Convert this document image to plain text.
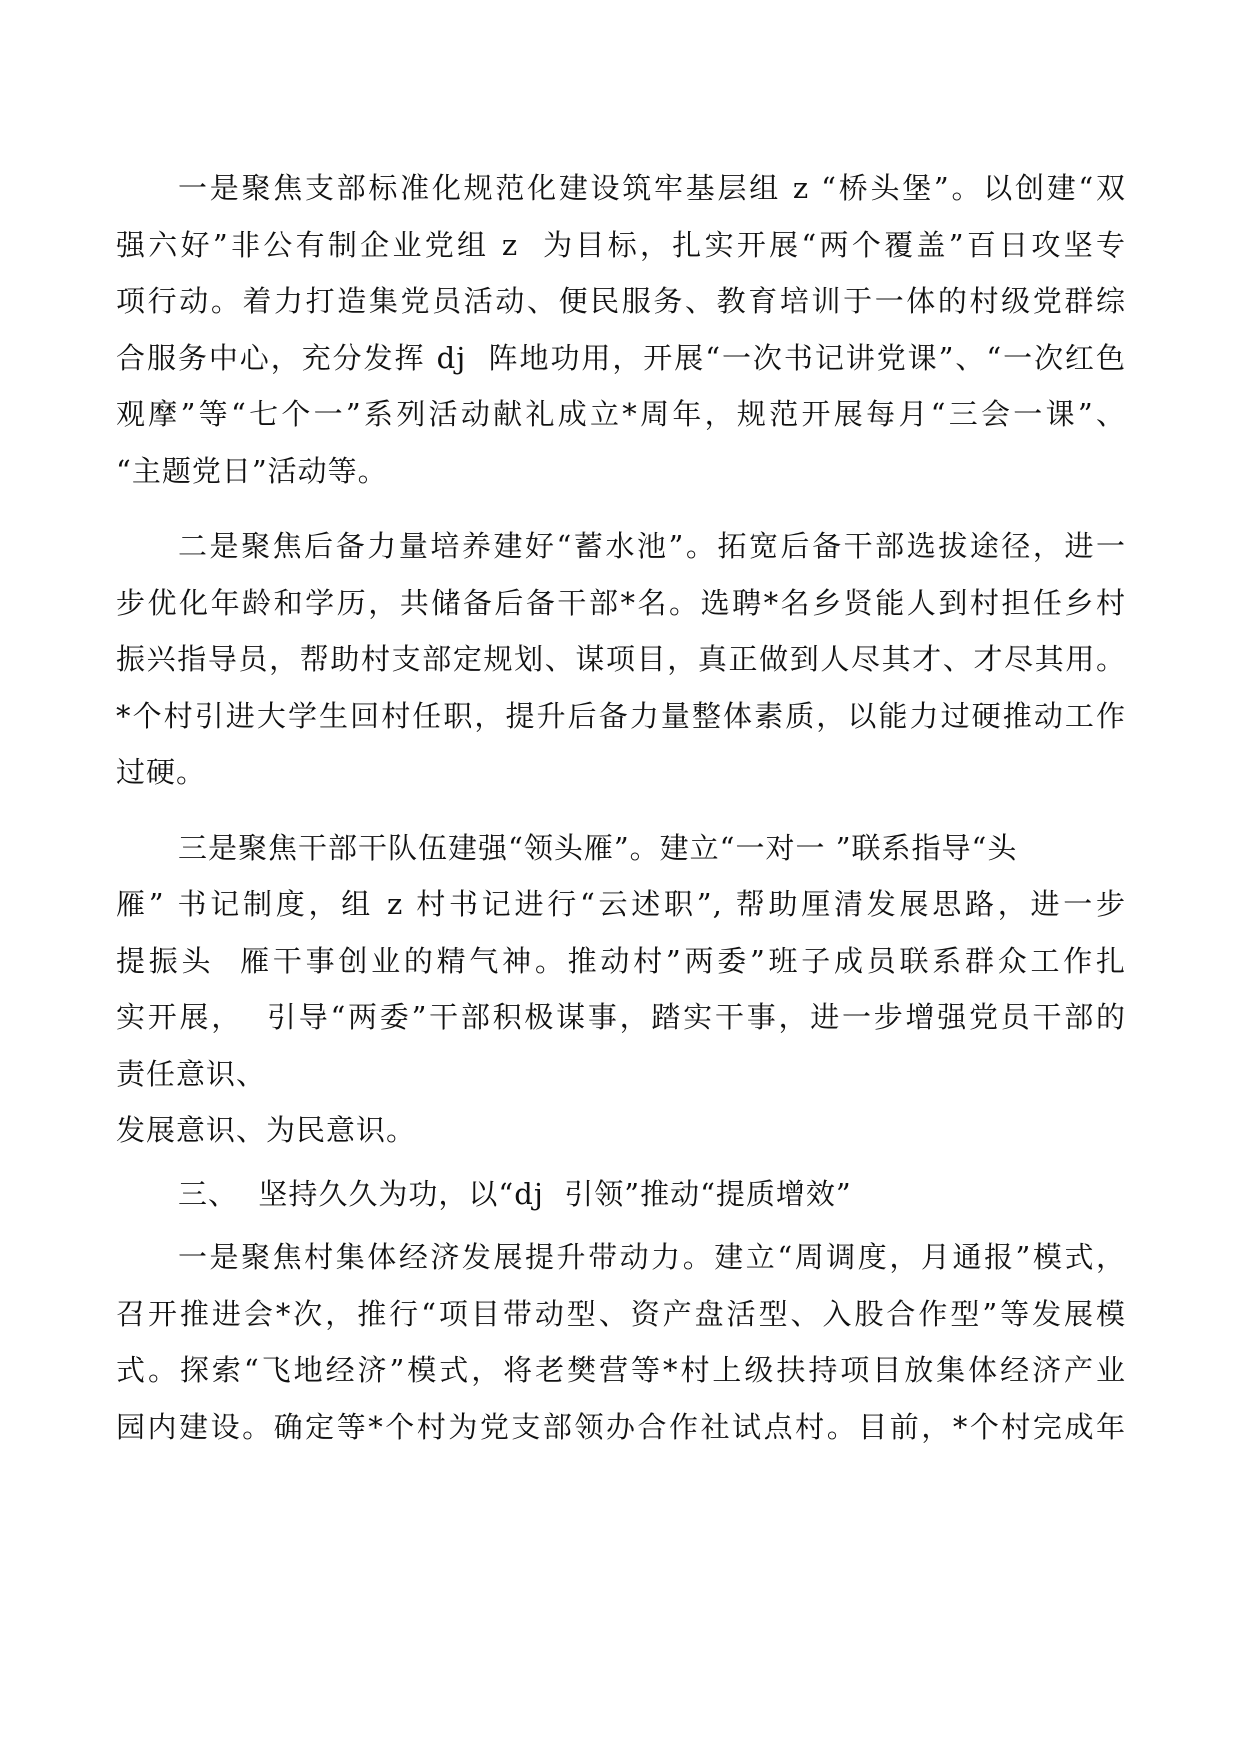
一是聚焦支部标准化规范化建设筑牢基层组 z “桥头堡”。以创建“双
强六好”非公有制企业党组 z  为目标，扎实开展“两个覆盖”百日攻坚专
项行动。着力打造集党员活动、便民服务、教育培训于一体的村级党群综
合服务中心，充分发挥 dj  阵地功用，开展“一次书记讲党课”、“一次红色
观摩”等“七个一”系列活动献礼成立*周年，规范开展每月“三会一课”、
“主题党日”活动等。
二是聚焦后备力量培养建好“蓄水池”。拓宽后备干部选拔途径，进一
步优化年龄和学历，共储备后备干部*名。选聘*名乡贤能人到村担任乡村
振兴指导员，帮助村支部定规划、谋项目，真正做到人尽其才、才尽其用。
*个村引进大学生回村任职，提升后备力量整体素质，以能力过硬推动工作
过硬。
三是聚焦干部干队伍建强“领头雁”。建立“一对一 ”联系指导“头
雁” 书记制度，组 z 村书记进行“云述职”, 帮助厘清发展思路，进一步
提振头  雁干事创业的精气神。推动村”两委”班子成员联系群众工作扎
实开展，  引导“两委”干部积极谋事，踏实干事，进一步增强党员干部的
责任意识、
发展意识、为民意识。
三、  坚持久久为功，以“dj  引领”推动“提质增效”
一是聚焦村集体经济发展提升带动力。建立“周调度，月通报”模式，
召开推进会*次，推行“项目带动型、资产盘活型、入股合作型”等发展模
式。探索“飞地经济”模式，将老樊营等*村上级扶持项目放集体经济产业
园内建设。确定等*个村为党支部领办合作社试点村。目前，*个村完成年
